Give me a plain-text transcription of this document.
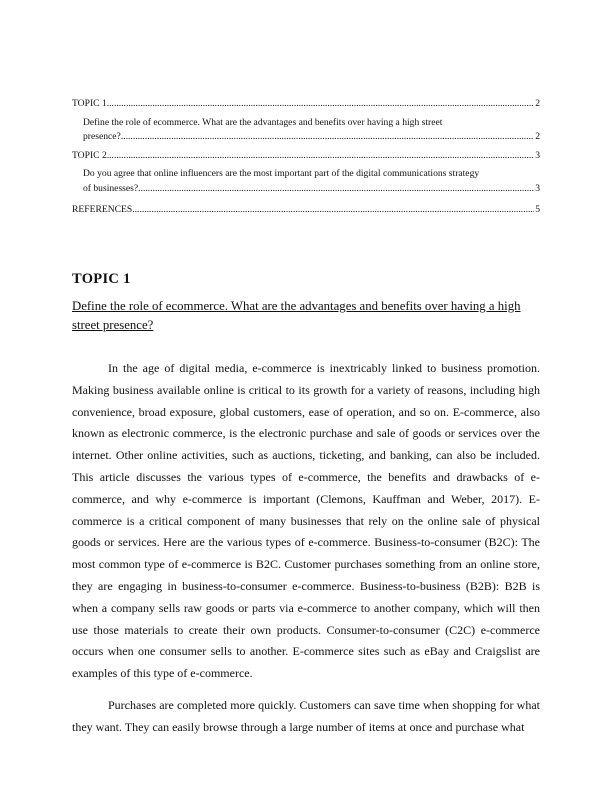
TOPIC 1 .....	2
Define the role of ecommerce. What are the advantages and benefits over having a high street
presence? .....	2
TOPIC 2 .....	3
Do you agree that online influencers are the most important part of the digital communications strategy
of businesses? .....	3
REFERENCES .....	5
TOPIC 1
Define the role of ecommerce. What are the advantages and benefits over having a high street presence?

In the age of digital media, e-commerce is inextricably linked to business promotion. Making business available online is critical to its growth for a variety of reasons, including high convenience, broad exposure, global customers, ease of operation, and so on. E-commerce, also known as electronic commerce, is the electronic purchase and sale of goods or services over the internet. Other online activities, such as auctions, ticketing, and banking, can also be included. This article discusses the various types of e-commerce, the benefits and drawbacks of e-commerce, and why e-commerce is important (Clemons, Kauffman and Weber, 2017). E-commerce is a critical component of many businesses that rely on the online sale of physical goods or services. Here are the various types of e-commerce. Business-to-consumer (B2C): The most common type of e-commerce is B2C. Customer purchases something from an online store, they are engaging in business-to-consumer e-commerce. Business-to-business (B2B): B2B is when a company sells raw goods or parts via e-commerce to another company, which will then use those materials to create their own products. Consumer-to-consumer (C2C) e-commerce occurs when one consumer sells to another. E-commerce sites such as eBay and Craigslist are examples of this type of e-commerce.

Purchases are completed more quickly. Customers can save time when shopping for what they want. They can easily browse through a large number of items at once and purchase what
